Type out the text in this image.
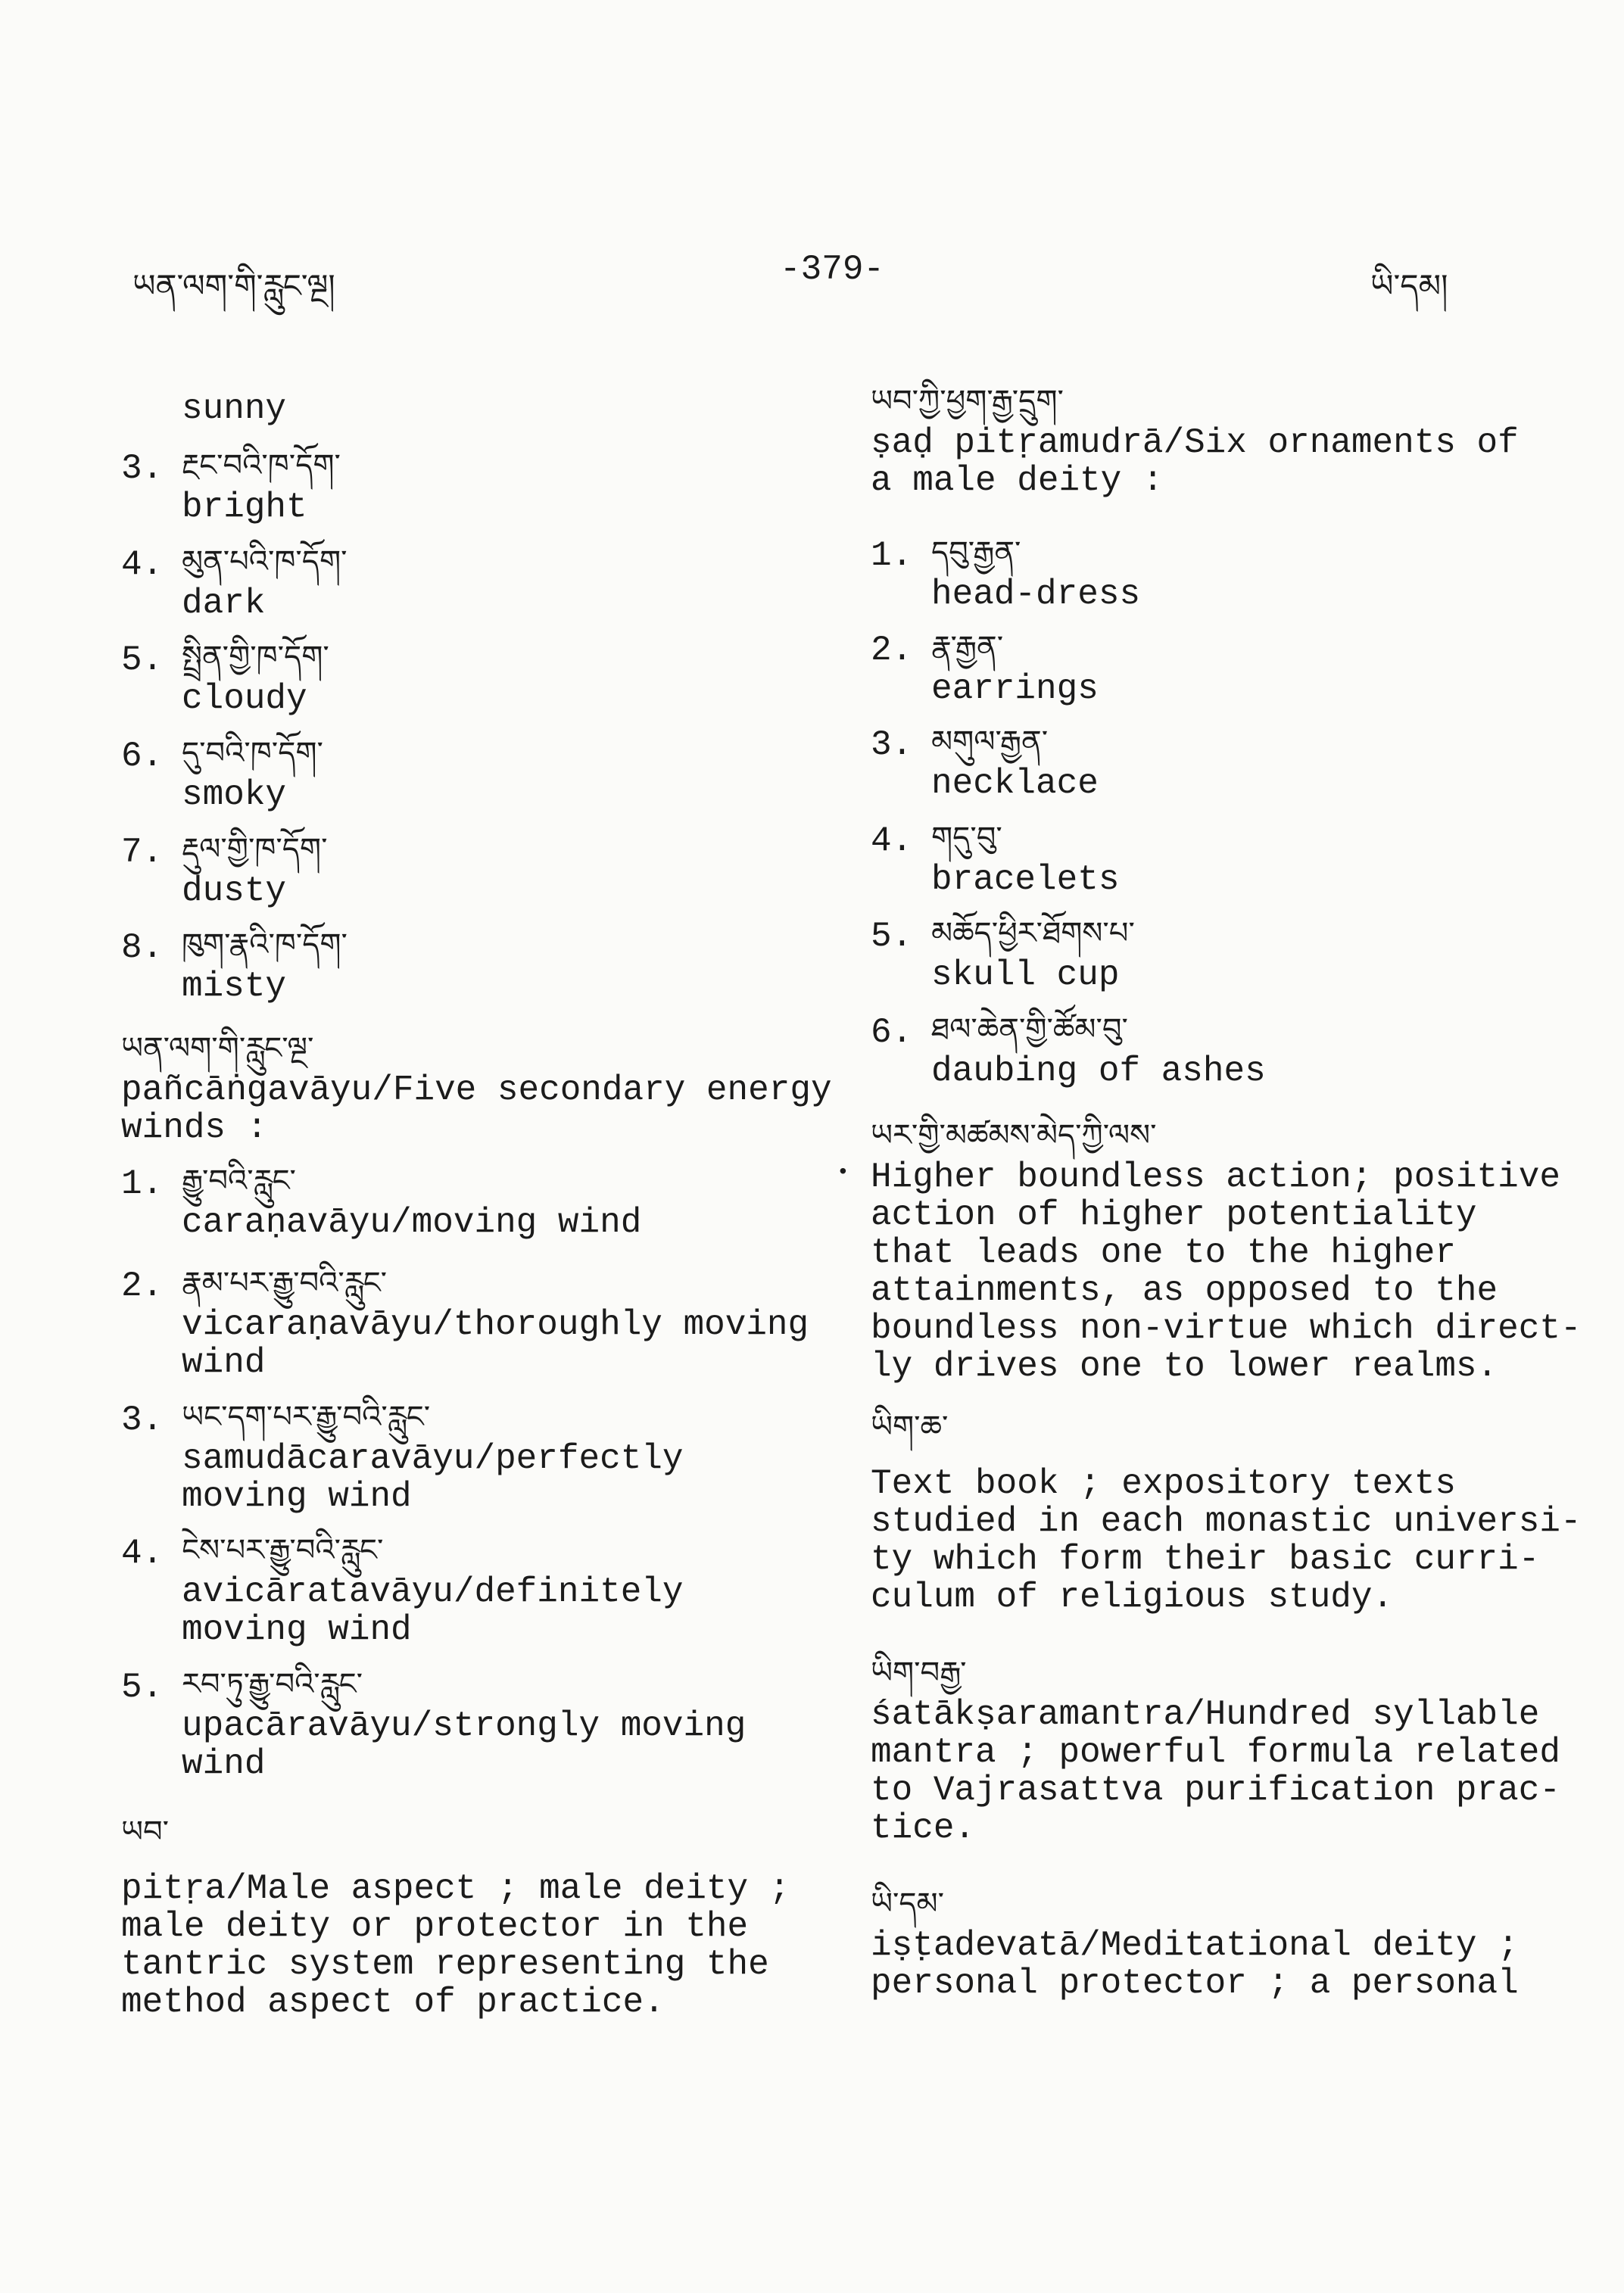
ཡན་ལག་གི་རླུང་ལྔ།	-379-	ཡི་དམ།
sunny
3. རྔང་བའི་ཁ་དོག་
bright
4. མུན་པའི་ཁ་དོག་
dark
5. སྤྲིན་གྱི་ཁ་དོག་
cloudy
6. དུ་བའི་ཁ་དོག་
smoky
7. རྡུལ་གྱི་ཁ་དོག་
dusty
8. ཁུག་རྣའི་ཁ་དོག་
misty
ཡན་ལག་གི་རླུང་ལྔ་
pañcāṅgavāyu/Five secondary energy
winds :
1. རྒྱུ་བའི་རླུང་
caraṇavāyu/moving wind
2. རྣམ་པར་རྒྱུ་བའི་རླུང་
vicaraṇavāyu/thoroughly moving
wind
3. ཡང་དག་པར་རྒྱུ་བའི་རླུང་
samudācaravāyu/perfectly
moving wind
4. ངེས་པར་རྒྱུ་བའི་རླུང་
avicāratavāyu/definitely
moving wind
5. རབ་ཏུ་རྒྱུ་བའི་རླུང་
upacāravāyu/strongly moving
wind
ཡབ་
pitṛa/Male aspect ; male deity ;
male deity or protector in the
tantric system representing the
method aspect of practice.
ཡབ་ཀྱི་ཕྱག་རྒྱ་དྲུག་
ṣaḍ pitṛamudrā/Six ornaments of
a male deity :
1. དབུ་རྒྱན་
head-dress
2. རྣ་རྒྱན་
earrings
3. མགུལ་རྒྱན་
necklace
4. གདུ་བུ་
bracelets
5. མཆོད་ཕྱིར་ཐོགས་པ་
skull cup
6. ཐལ་ཆེན་གྱི་ཚོམ་བུ་
daubing of ashes
ཡར་གྱི་མཚམས་མེད་ཀྱི་ལས་
• Higher boundless action; positive
action of higher potentiality
that leads one to the higher
attainments, as opposed to the
boundless non-virtue which direct-
ly drives one to lower realms.
ཡིག་ཆ་
Text book ; expository texts
studied in each monastic universi-
ty which form their basic curri-
culum of religious study.
ཡིག་བརྒྱ་
śatākṣaramantra/Hundred syllable
mantra ; powerful formula related
to Vajrasattva purification prac-
tice.
ཡི་དམ་
iṣṭadevatā/Meditational deity ;
personal protector ; a personal
